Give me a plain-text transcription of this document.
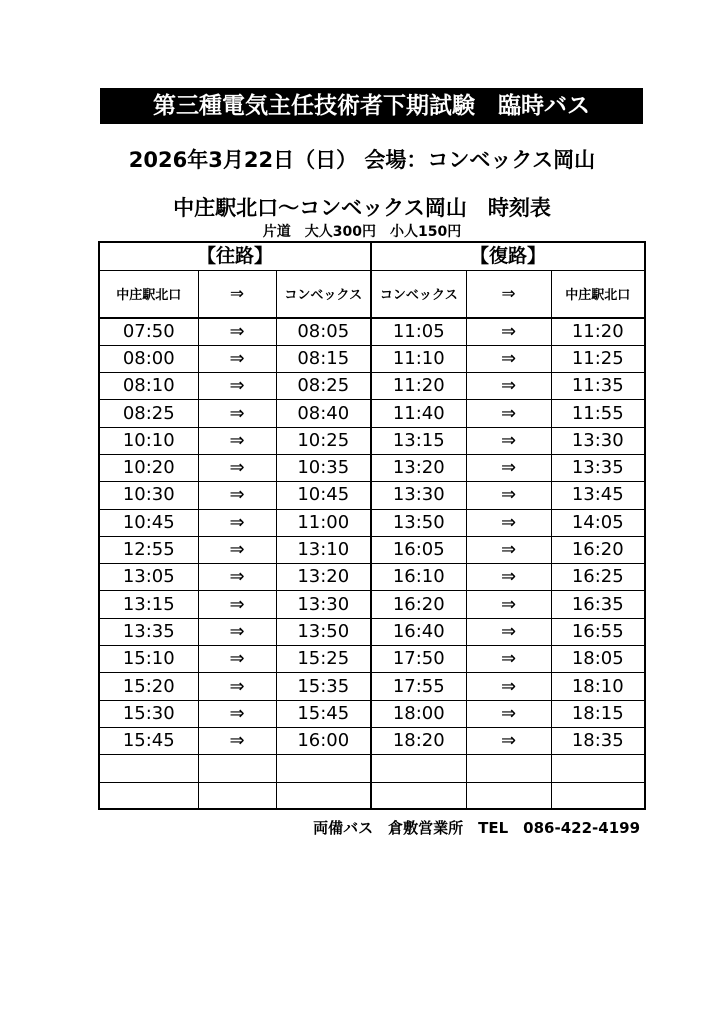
第三種電気主任技術者下期試験　臨時バス
2026年3月22日（日） 会場：コンベックス岡山
中庄駅北口～コンベックス岡山　時刻表
片道　大人300円　小人150円
【往路】			【復路】		
中庄駅北口	⇒	コンベックス	コンベックス	⇒	中庄駅北口
07:50	⇒	08:05	11:05	⇒	11:20
08:00	⇒	08:15	11:10	⇒	11:25
08:10	⇒	08:25	11:20	⇒	11:35
08:25	⇒	08:40	11:40	⇒	11:55
10:10	⇒	10:25	13:15	⇒	13:30
10:20	⇒	10:35	13:20	⇒	13:35
10:30	⇒	10:45	13:30	⇒	13:45
10:45	⇒	11:00	13:50	⇒	14:05
12:55	⇒	13:10	16:05	⇒	16:20
13:05	⇒	13:20	16:10	⇒	16:25
13:15	⇒	13:30	16:20	⇒	16:35
13:35	⇒	13:50	16:40	⇒	16:55
15:10	⇒	15:25	17:50	⇒	18:05
15:20	⇒	15:35	17:55	⇒	18:10
15:30	⇒	15:45	18:00	⇒	18:15
15:45	⇒	16:00	18:20	⇒	18:35

両備バス　倉敷営業所　TEL　086-422-4199
